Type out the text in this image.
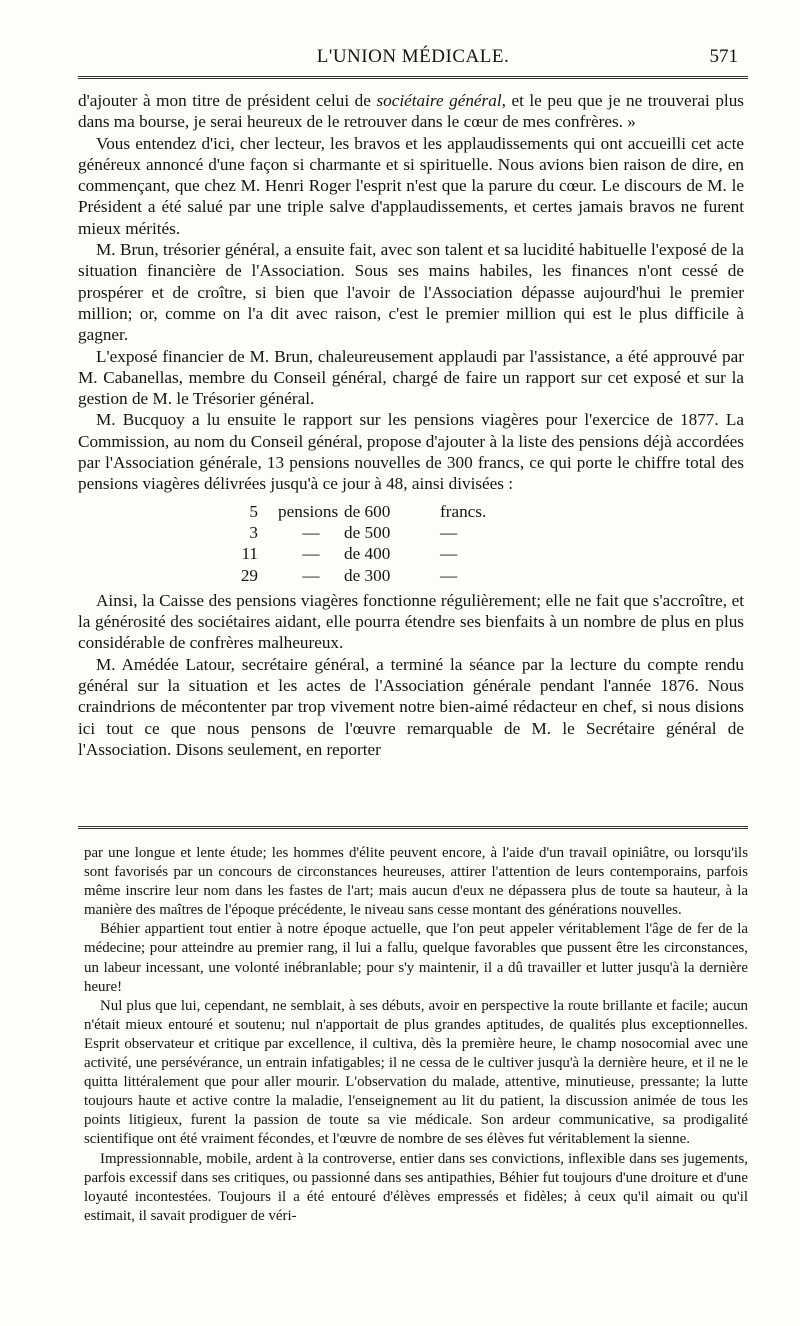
L'UNION MÉDICALE.	571

d'ajouter à mon titre de président celui de sociétaire général, et le peu que je ne trouverai plus dans ma bourse, je serai heureux de le retrouver dans le cœur de mes confrères. »

Vous entendez d'ici, cher lecteur, les bravos et les applaudissements qui ont accueilli cet acte généreux annoncé d'une façon si charmante et si spirituelle. Nous avions bien raison de dire, en commençant, que chez M. Henri Roger l'esprit n'est que la parure du cœur. Le discours de M. le Président a été salué par une triple salve d'applaudissements, et certes jamais bravos ne furent mieux mérités.

M. Brun, trésorier général, a ensuite fait, avec son talent et sa lucidité habituelle l'exposé de la situation financière de l'Association. Sous ses mains habiles, les finances n'ont cessé de prospérer et de croître, si bien que l'avoir de l'Association dépasse aujourd'hui le premier million; or, comme on l'a dit avec raison, c'est le premier million qui est le plus difficile à gagner.

L'exposé financier de M. Brun, chaleureusement applaudi par l'assistance, a été approuvé par M. Cabanellas, membre du Conseil général, chargé de faire un rapport sur cet exposé et sur la gestion de M. le Trésorier général.

M. Bucquoy a lu ensuite le rapport sur les pensions viagères pour l'exercice de 1877. La Commission, au nom du Conseil général, propose d'ajouter à la liste des pensions déjà accordées par l'Association générale, 13 pensions nouvelles de 300 francs, ce qui porte le chiffre total des pensions viagères délivrées jusqu'à ce jour à 48, ainsi divisées :

5 pensions de 600	francs.
3	—	de 500	—
11	—	de 400	—
29	—	de 300	—

Ainsi, la Caisse des pensions viagères fonctionne régulièrement; elle ne fait que s'accroître, et la générosité des sociétaires aidant, elle pourra étendre ses bienfaits à un nombre de plus en plus considérable de confrères malheureux.

M. Amédée Latour, secrétaire général, a terminé la séance par la lecture du compte rendu général sur la situation et les actes de l'Association générale pendant l'année 1876. Nous craindrions de mécontenter par trop vivement notre bien-aimé rédacteur en chef, si nous disions ici tout ce que nous pensons de l'œuvre remarquable de M. le Secrétaire général de l'Association. Disons seulement, en reporter

par une longue et lente étude; les hommes d'élite peuvent encore, à l'aide d'un travail opiniâtre, ou lorsqu'ils sont favorisés par un concours de circonstances heureuses, attirer l'attention de leurs contemporains, parfois même inscrire leur nom dans les fastes de l'art; mais aucun d'eux ne dépassera plus de toute sa hauteur, à la manière des maîtres de l'époque précédente, le niveau sans cesse montant des générations nouvelles.

Béhier appartient tout entier à notre époque actuelle, que l'on peut appeler véritablement l'âge de fer de la médecine; pour atteindre au premier rang, il lui a fallu, quelque favorables que pussent être les circonstances, un labeur incessant, une volonté inébranlable; pour s'y maintenir, il a dû travailler et lutter jusqu'à la dernière heure!

Nul plus que lui, cependant, ne semblait, à ses débuts, avoir en perspective la route brillante et facile; aucun n'était mieux entouré et soutenu; nul n'apportait de plus grandes aptitudes, de qualités plus exceptionnelles. Esprit observateur et critique par excellence, il cultiva, dès la première heure, le champ nosocomial avec une activité, une persévérance, un entrain infatigables; il ne cessa de le cultiver jusqu'à la dernière heure, et il ne le quitta littéralement que pour aller mourir. L'observation du malade, attentive, minutieuse, pressante; la lutte toujours haute et active contre la maladie, l'enseignement au lit du patient, la discussion animée de tous les points litigieux, furent la passion de toute sa vie médicale. Son ardeur communicative, sa prodigalité scientifique ont été vraiment fécondes, et l'œuvre de nombre de ses élèves fut véritablement la sienne.

Impressionnable, mobile, ardent à la controverse, entier dans ses convictions, inflexible dans ses jugements, parfois excessif dans ses critiques, ou passionné dans ses antipathies, Béhier fut toujours d'une droiture et d'une loyauté incontestées. Toujours il a été entouré d'élèves empressés et fidèles; à ceux qu'il aimait ou qu'il estimait, il savait prodiguer de véri-
